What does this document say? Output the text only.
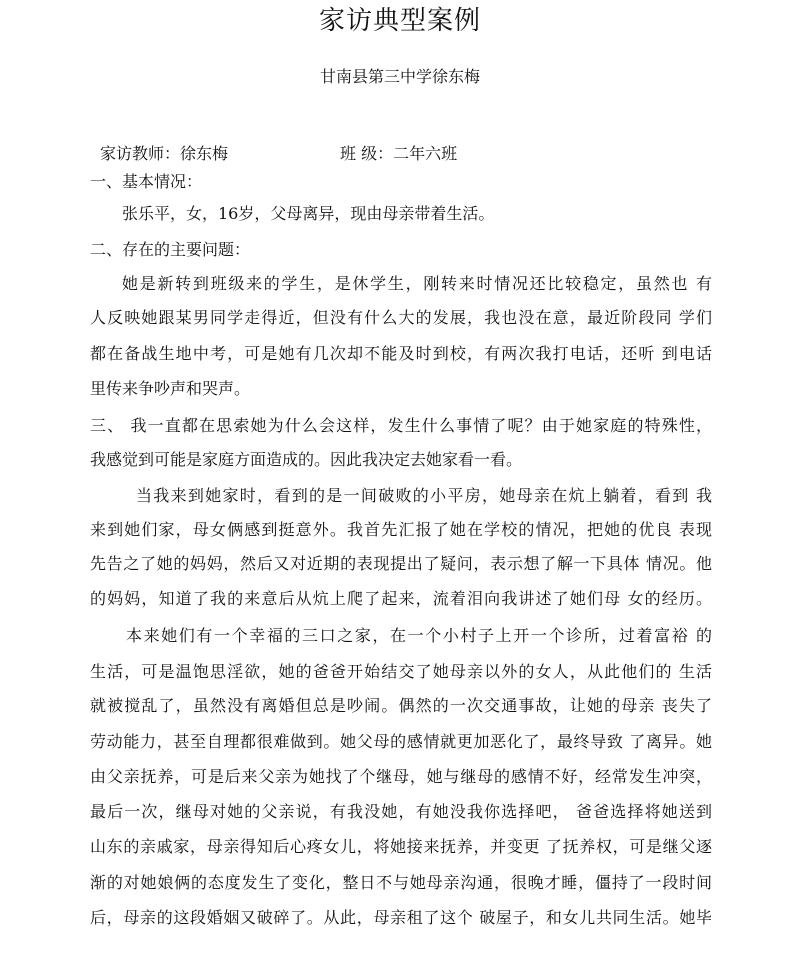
家访典型案例
甘南县第三中学徐东梅
家访教师：徐东梅	班 级：二年六班
一、基本情况：
张乐平，女，16岁，父母离异，现由母亲带着生活。
二、存在的主要问题：
她是新转到班级来的学生，是休学生，刚转来时情况还比较稳定，虽然也 有
人反映她跟某男同学走得近，但没有什么大的发展，我也没在意，最近阶段同 学们
都在备战生地中考，可是她有几次却不能及时到校，有两次我打电话，还听 到电话
里传来争吵声和哭声。
三、 我一直都在思索她为什么会这样，发生什么事情了呢？由于她家庭的特殊性，
我感觉到可能是家庭方面造成的。因此我决定去她家看一看。
当我来到她家时，看到的是一间破败的小平房，她母亲在炕上躺着，看到 我
来到她们家，母女俩感到挺意外。我首先汇报了她在学校的情况，把她的优良 表现
先告之了她的妈妈，然后又对近期的表现提出了疑问，表示想了解一下具体 情况。他
的妈妈，知道了我的来意后从炕上爬了起来，流着泪向我讲述了她们母 女的经历。
本来她们有一个幸福的三口之家，在一个小村子上开一个诊所，过着富裕 的
生活，可是温饱思淫欲，她的爸爸开始结交了她母亲以外的女人，从此他们的 生活
就被搅乱了，虽然没有离婚但总是吵闹。偶然的一次交通事故，让她的母亲 丧失了
劳动能力，甚至自理都很难做到。她父母的感情就更加恶化了，最终导致 了离异。她
由父亲抚养，可是后来父亲为她找了个继母，她与继母的感情不好，经常发生冲突，
最后一次，继母对她的父亲说，有我没她，有她没我你选择吧， 爸爸选择将她送到
山东的亲戚家，母亲得知后心疼女儿，将她接来抚养，并变更 了抚养权，可是继父逐
渐的对她娘俩的态度发生了变化，整日不与她母亲沟通，很晚才睡，僵持了一段时间
后，母亲的这段婚姻又破碎了。从此，母亲租了这个 破屋子，和女儿共同生活。她毕
